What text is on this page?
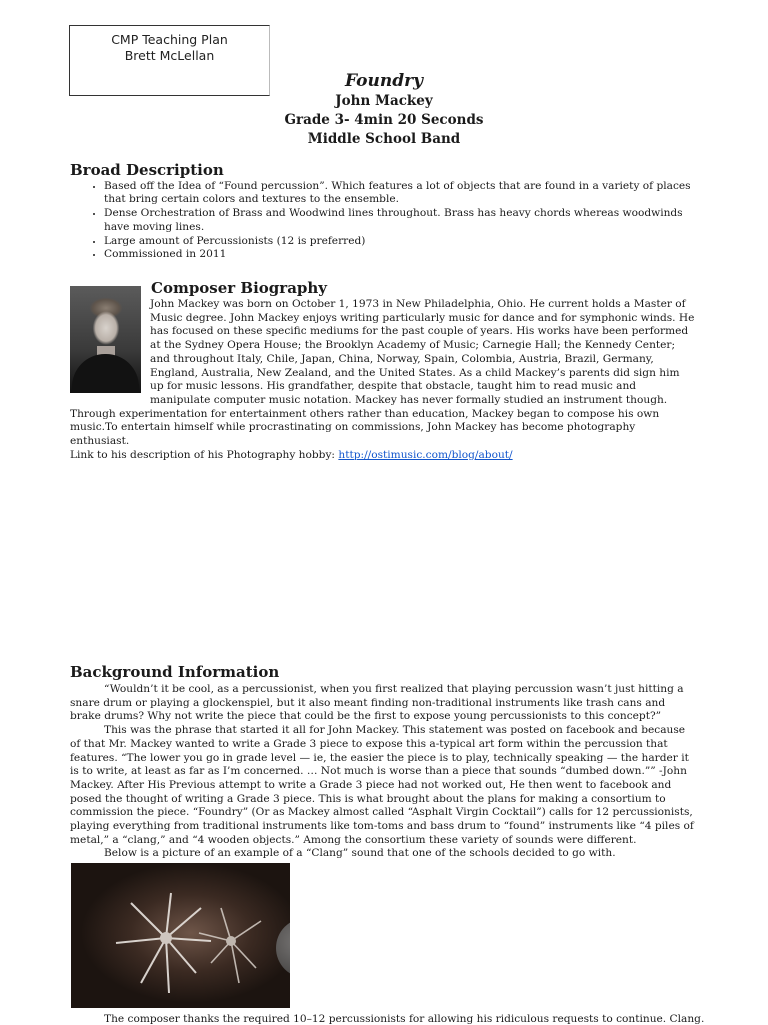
CMP Teaching Plan
Brett McLellan
Foundry
John Mackey
Grade 3- 4min 20 Seconds
Middle School Band
Broad Description
• Based off the Idea of “Found percussion”. Which features a lot of objects that are found in a variety of places that bring certain colors and textures to the ensemble.
• Dense Orchestration of Brass and Woodwind lines throughout. Brass has heavy chords whereas woodwinds have moving lines.
• Large amount of Percussionists (12 is preferred)
• Commissioned in 2011
Composer Biography
John Mackey was born on October 1, 1973 in New Philadelphia, Ohio. He current holds a Master of Music degree. John Mackey enjoys writing particularly music for dance and for symphonic winds. He has focused on these specific mediums for the past couple of years. His works have been performed at the Sydney Opera House; the Brooklyn Academy of Music; Carnegie Hall; the Kennedy Center; and throughout Italy, Chile, Japan, China, Norway, Spain, Colombia, Austria, Brazil, Germany, England, Australia, New Zealand, and the United States. As a child Mackey’s parents did sign him up for music lessons. His grandfather, despite that obstacle, taught him to read music and manipulate computer music notation. Mackey has never formally studied an instrument though. Through experimentation for entertainment others rather than education, Mackey began to compose his own music.To entertain himself while procrastinating on commissions, John Mackey has become photography enthusiast.
Link to his description of his Photography hobby: http://ostimusic.com/blog/about/
Background Information

“Wouldn’t it be cool, as a percussionist, when you first realized that playing percussion wasn’t just hitting a snare drum or playing a glockenspiel, but it also meant finding non-traditional instruments like trash cans and brake drums? Why not write the piece that could be the first to expose young percussionists to this concept?”

This was the phrase that started it all for John Mackey. This statement was posted on facebook and because of that Mr. Mackey wanted to write a Grade 3 piece to expose this a-typical art form within the percussion that features. “The lower you go in grade level — ie, the easier the piece is to play, technically speaking — the harder it is to write, at least as far as I’m concerned. … Not much is worse than a piece that sounds “dumbed down.”” -John Mackey. After His Previous attempt to write a Grade 3 piece had not worked out, He then went to facebook and posed the thought of writing a Grade 3 piece. This is what brought about the plans for making a consortium to commission the piece. “Foundry” (Or as Mackey almost called “Asphalt Virgin Cocktail”) calls for 12 percussionists, playing everything from traditional instruments like tom-toms and bass drum to “found” instruments like “4 piles of metal,” a “clang,” and “4 wooden objects.” Among the consortium these variety of sounds were different.

Below is a picture of an example of a “Clang” sound that one of the schools decided to go with.

The composer thanks the required 10–12 percussionists for allowing his ridiculous requests to continue. Clang.
